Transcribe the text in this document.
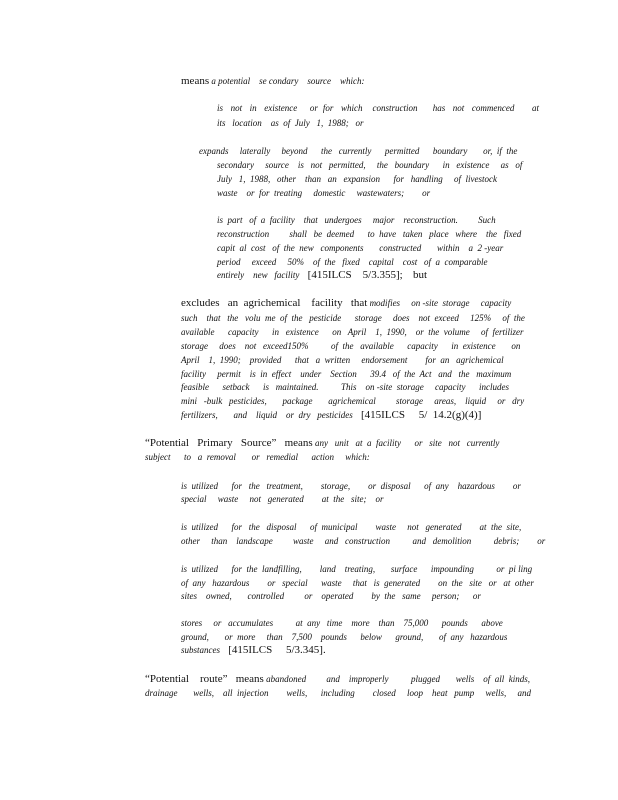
means a potential    se condary    source    which:
is   not   in   existence     or  for   which    construction      has   not   commenced       at
its   location    as  of  July   1,  1988;   or
expands     laterally     beyond      the   currently      permitted      boundary       or,  if  the
secondary     source    is   not   permitted,     the   boundary      in   existence     as   of
July   1,  1988,   other    than   an   expansion      for   handling     of  livestock
waste    or  for  treating     domestic     wastewaters;        or
is  part   of  a  facility    that   undergoes     major    reconstruction.         Such
reconstruction         shall   be  deemed      to  have   taken   place   where    the   fixed
capit  al  cost   of  the  new   components       constructed       within    a  2 -year
period     exceed     50%    of  the   fixed    capital    cost   of  a  comparable
entirely    new   facility [415ILCS    5/3.355]; but
excludes   an  agrichemical    facility   that modifies     on -site  storage     capacity
such    that   the   volu  me  of  the   pesticide      storage     does    not  exceed     125%     of  the
available      capacity      in   existence      on   April    1,  1990,    or  the  volume     of  fertilizer
storage     does    not   exceed150%          of  the   available      capacity      in  existence       on
April    1,  1990;    provided      that   a  written     endorsement        for  an   agrichemical
facility     permit    is  in  effect    under    Section      39.4   of  the  Act   and   the   maximum
feasible      setback      is   maintained.          This    on -site  storage     capacity      includes
mini   -bulk   pesticides,       package       agrichemical         storage     areas,    liquid     or   dry
fertilizers,       and    liquid    or  dry   pesticides [415ILCS     5/  14.2(g)(4)]
“Potential   Primary   Source”   means any   unit   at  a  facility      or   site   not   currently
subject      to   a  removal       or   remedial      action     which:
is  utilized      for   the   treatment,        storage,        or  disposal      of  any    hazardous        or
special     waste     not   generated        at  the   site;    or
is  utilized      for   the   disposal      of  municipal        waste     not   generated        at  the  site,
other     than    landscape         waste     and   construction          and   demolition          debris;        or
is  utilized      for  the  landfilling,        land    treating,       surface      impounding          or  pi ling
of  any   hazardous        or   special      waste     that   is  generated        on  the   site   or   at  other
sites    owned,       controlled         or    operated        by  the   same     person;      or
stores     or   accumulates          at  any   time    more    than    75,000      pounds      above
ground,       or  more     than    7,500    pounds      below      ground,       of  any   hazardous
substances [415ILCS     5/3.345].
“Potential    route”   means abandoned         and    improperly          plugged       wells    of  all  kinds,
drainage       wells,    all  injection        wells,      including        closed     loop    heat   pump     wells,     and
